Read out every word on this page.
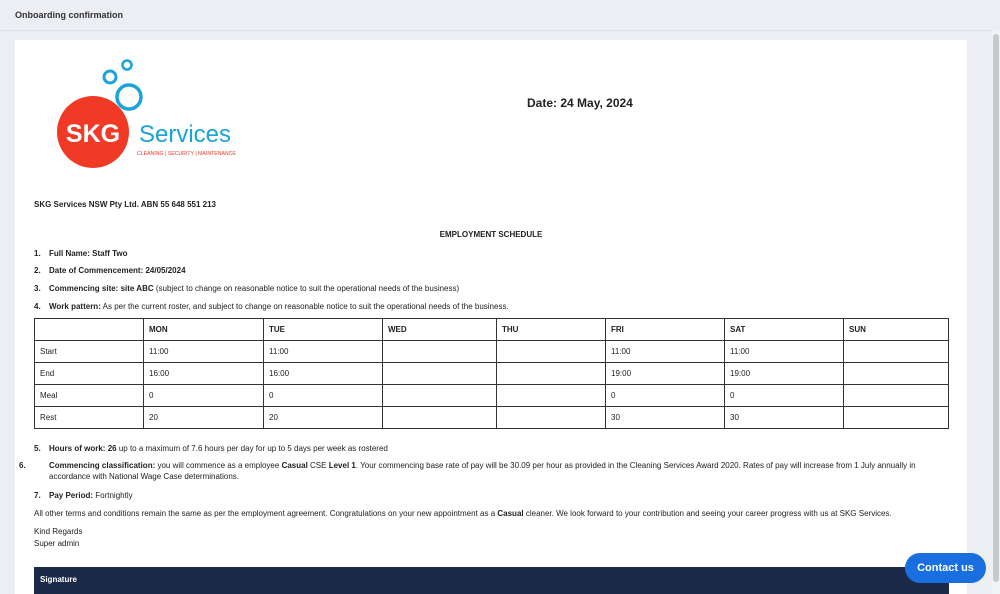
Onboarding confirmation
SKG Services
CLEANING | SECURITY | MAINTENANCE
Date: 24 May, 2024
SKG Services NSW Pty Ltd. ABN 55 648 551 213
EMPLOYMENT SCHEDULE
1. Full Name: Staff Two
2. Date of Commencement: 24/05/2024
3. Commencing site: site ABC (subject to change on reasonable notice to suit the operational needs of the business)
4. Work pattern: As per the current roster, and subject to change on reasonable notice to suit the operational needs of the business.
	MON	TUE	WED	THU	FRI	SAT	SUN
Start	11:00	11:00			11:00	11:00	
End	16:00	16:00			19:00	19:00	
Meal	0	0			0	0	
Rest	20	20			30	30	
5. Hours of work: 26 up to a maximum of 7.6 hours per day for up to 5 days per week as rostered
6.	Commencing classification: you will commence as a employee Casual CSE Level 1. Your commencing base rate of pay will be 30.09 per hour as provided in the Cleaning Services Award 2020. Rates of pay will increase from 1 July annually in accordance with National Wage Case determinations.
7. Pay Period: Fortnightly
All other terms and conditions remain the same as per the employment agreement. Congratulations on your new appointment as a Casual cleaner. We look forward to your contribution and seeing your career progress with us at SKG Services.
Kind Regards
Super admin
Signature
Contact us
